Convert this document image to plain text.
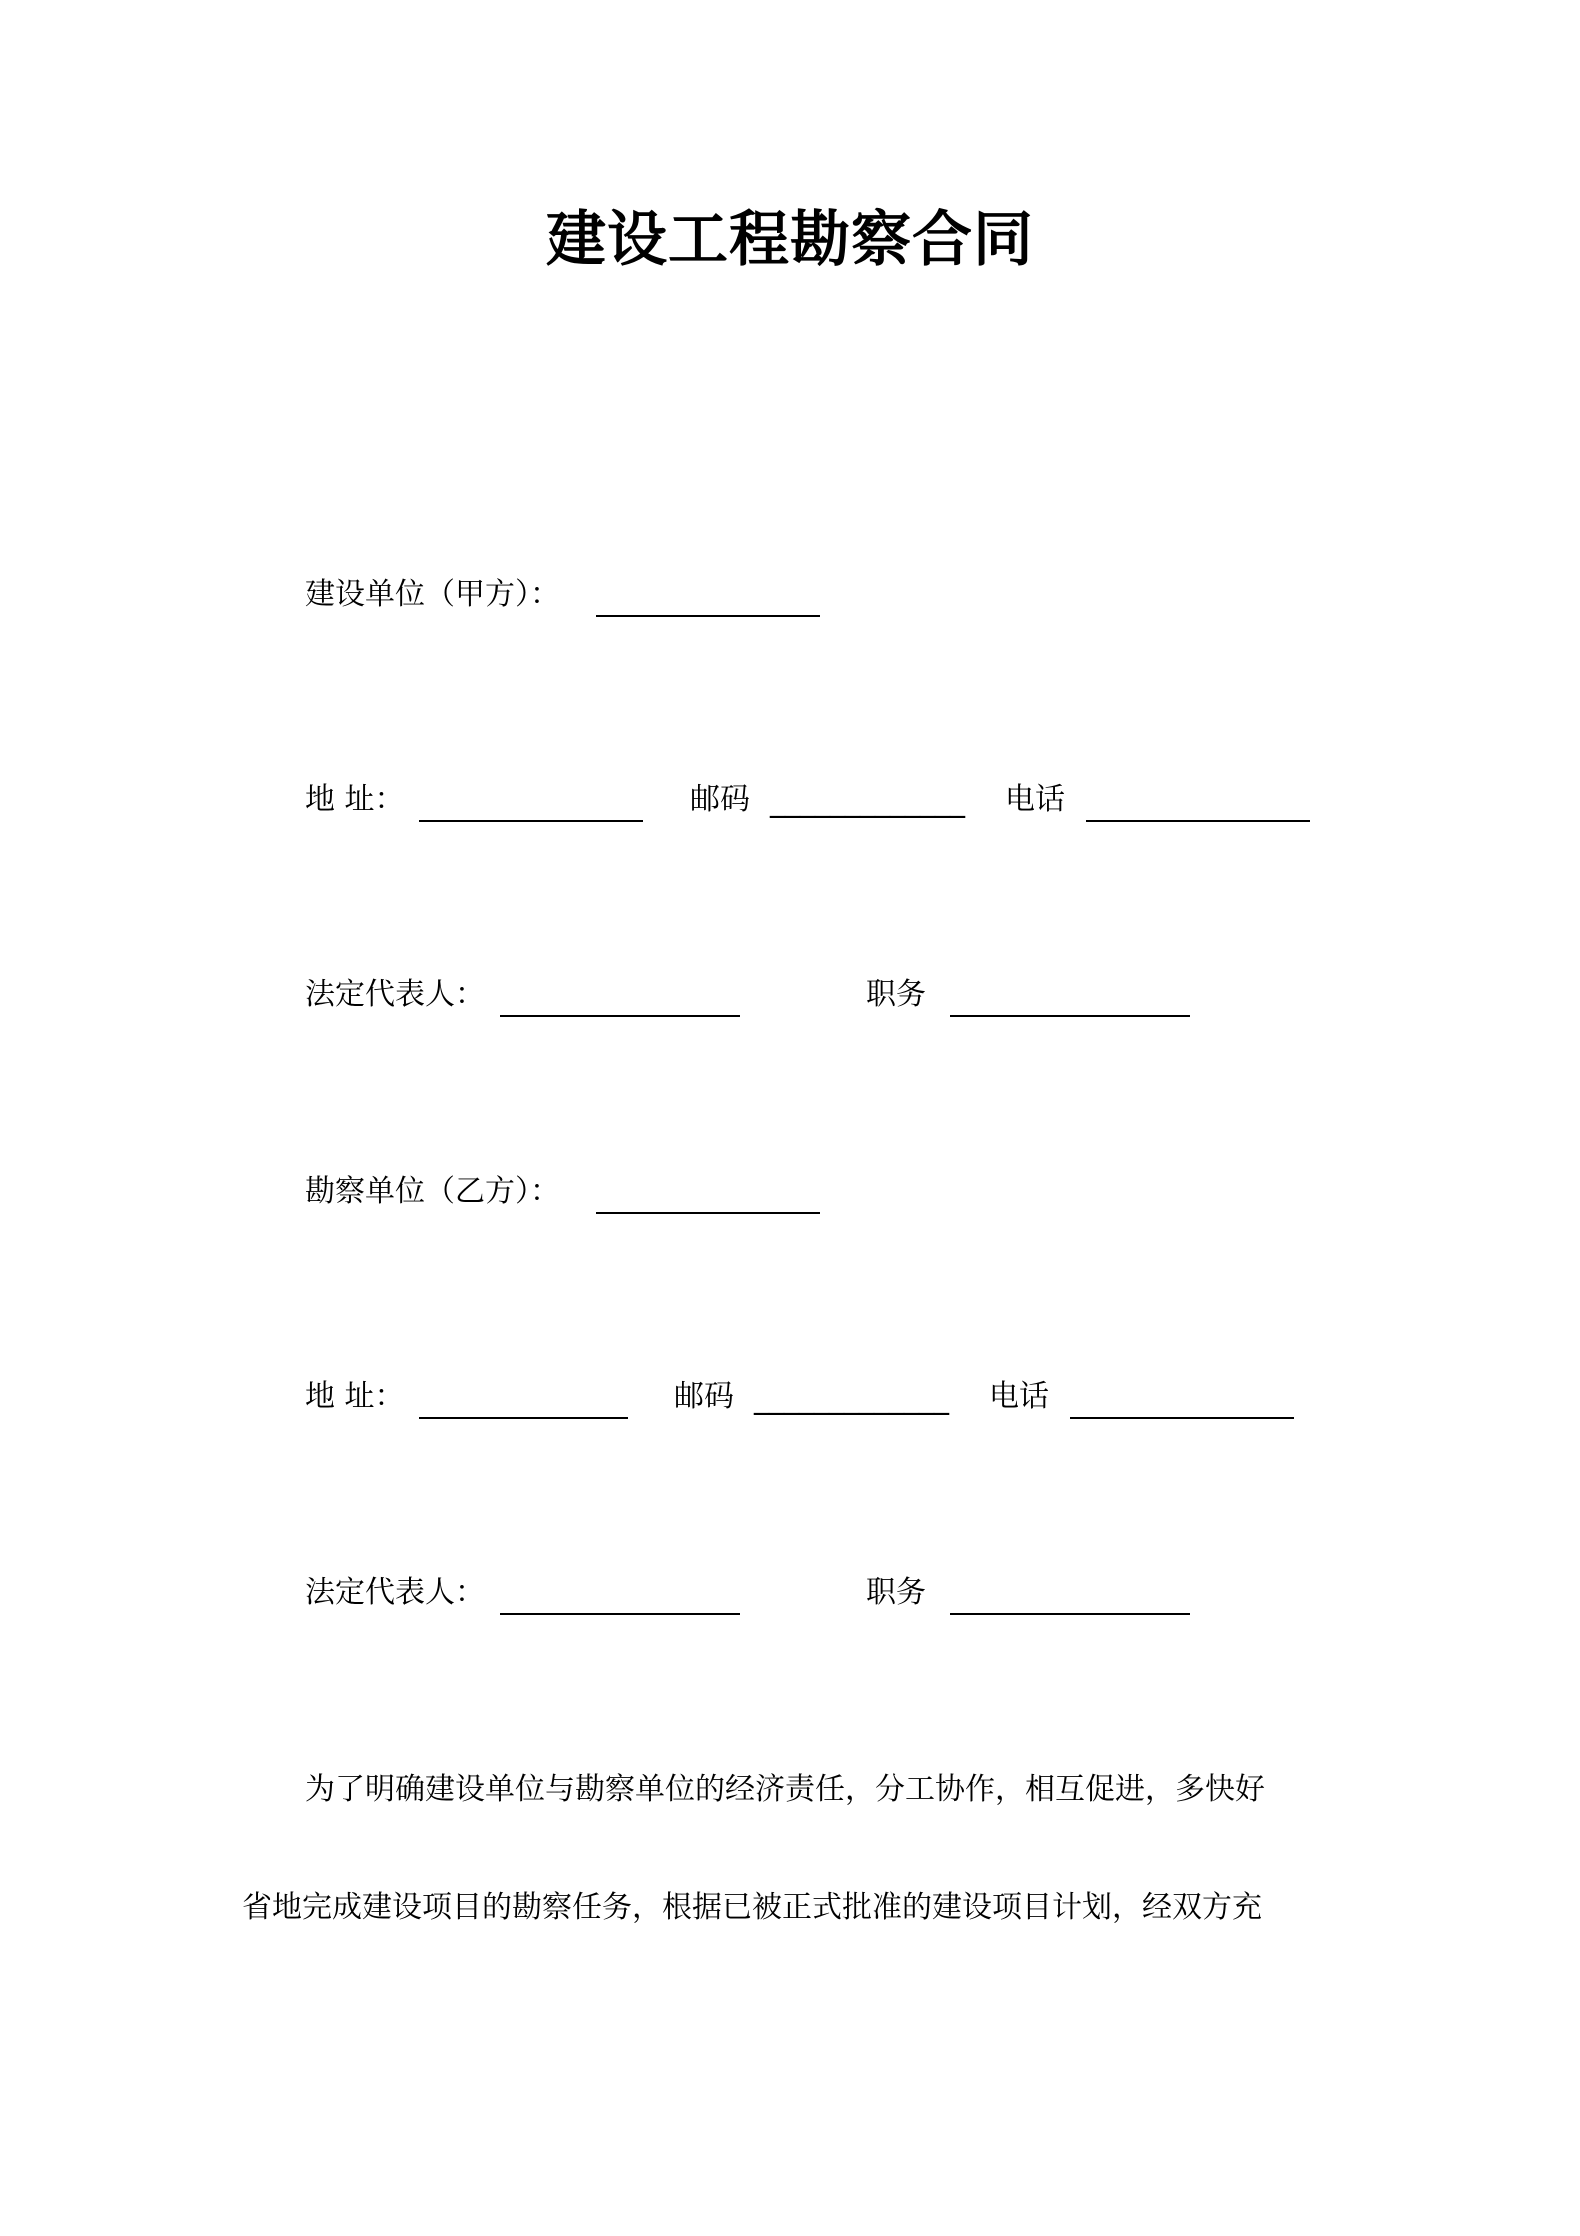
建设工程勘察合同
建设单位（甲方）：
地 址：	邮码 _____________ 电话
法定代表人：	职务
勘察单位（乙方）：
地 址：	邮码 _____________ 电话
法定代表人：	职务
为了明确建设单位与勘察单位的经济责任，分工协作，相互促进，多快好
省地完成建设项目的勘察任务，根据已被正式批准的建设项目计划，经双方充
